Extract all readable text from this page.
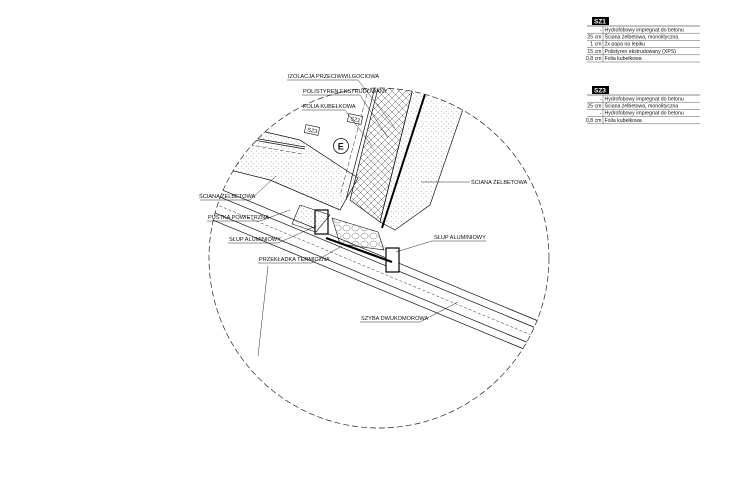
E
SZ3
SZ1
IZOLACJA PRZECIWWILGOCIOWA
POLISTYREN EKSTRUDOWANY
FOLIA KUBEŁKOWA
ŚCIANA ŻELBETOWA
PUSTKA POWIETRZNA
SŁUP ALUMINIOWY
PRZEKŁADKA TERMICZNA
ŚCIANA ŻELBETOWA
SŁUP ALUMINIOWY
SZYBA DWUKOMOROWA
SZ1
- Hydrofobowy impregnat do betonu
25 cm Ściana żelbetowa, monolityczna
1 cm 2x papa na lepiku
15 cm Polistyren ekstrudowany (XPS)
0,8 cm Folia kubełkowa
SZ3
- Hydrofobowy impregnat do betonu
25 cm Ściana żelbetowa, monolityczna
- Hydrofobowy impregnat do betonu
0,8 cm Folia kubełkowa
